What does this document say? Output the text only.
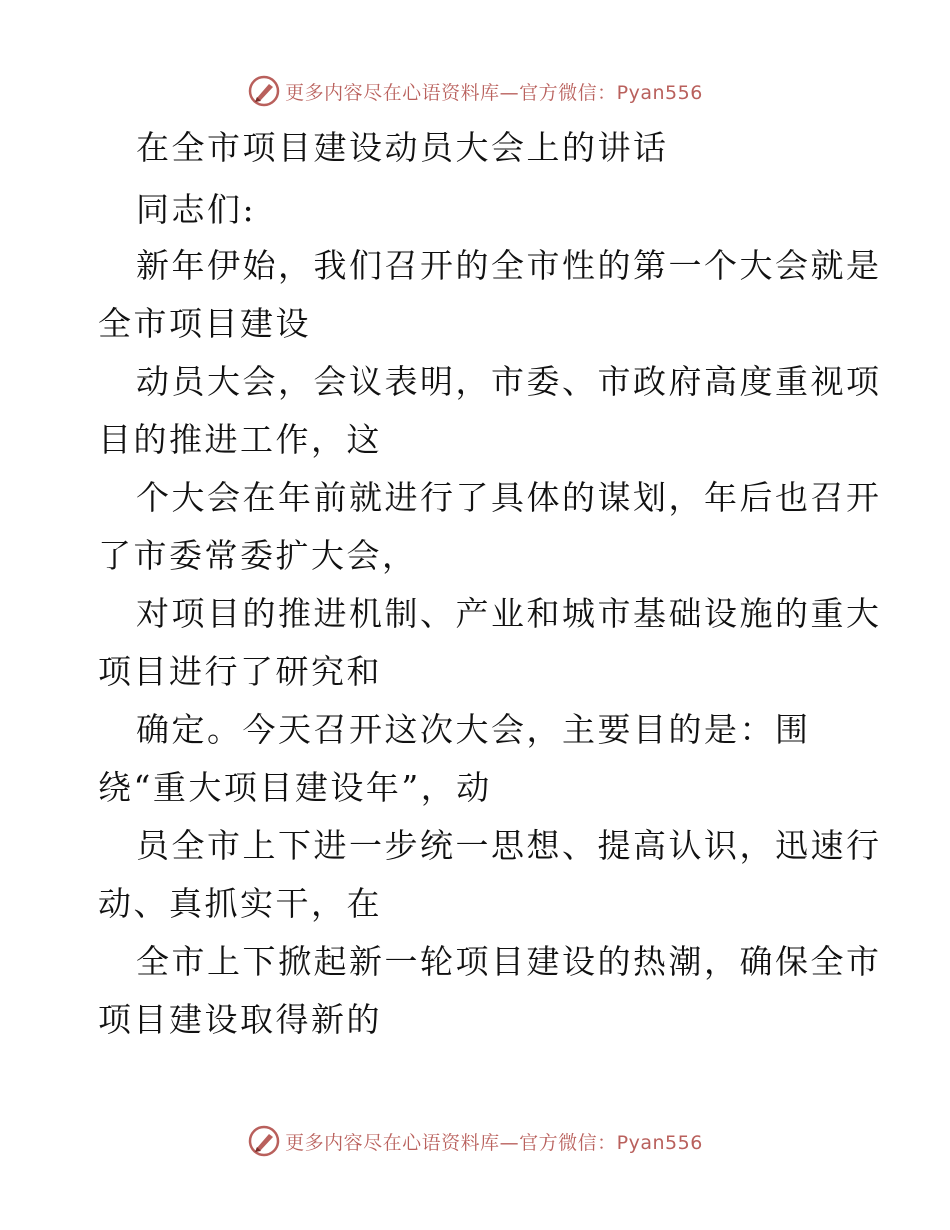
更多内容尽在心语资料库—官方微信：Pyan556
在全市项目建设动员大会上的讲话
同志们:
新年伊始，我们召开的全市性的第一个大会就是
全市项目建设
动员大会，会议表明，市委、市政府高度重视项
目的推进工作，这
个大会在年前就进行了具体的谋划，年后也召开
了市委常委扩大会，
对项目的推进机制、产业和城市基础设施的重大
项目进行了研究和
确定。今天召开这次大会，主要目的是：围
绕“重大项目建设年”，动
员全市上下进一步统一思想、提高认识，迅速行
动、真抓实干，在
全市上下掀起新一轮项目建设的热潮，确保全市
项目建设取得新的
更多内容尽在心语资料库—官方微信：Pyan556
